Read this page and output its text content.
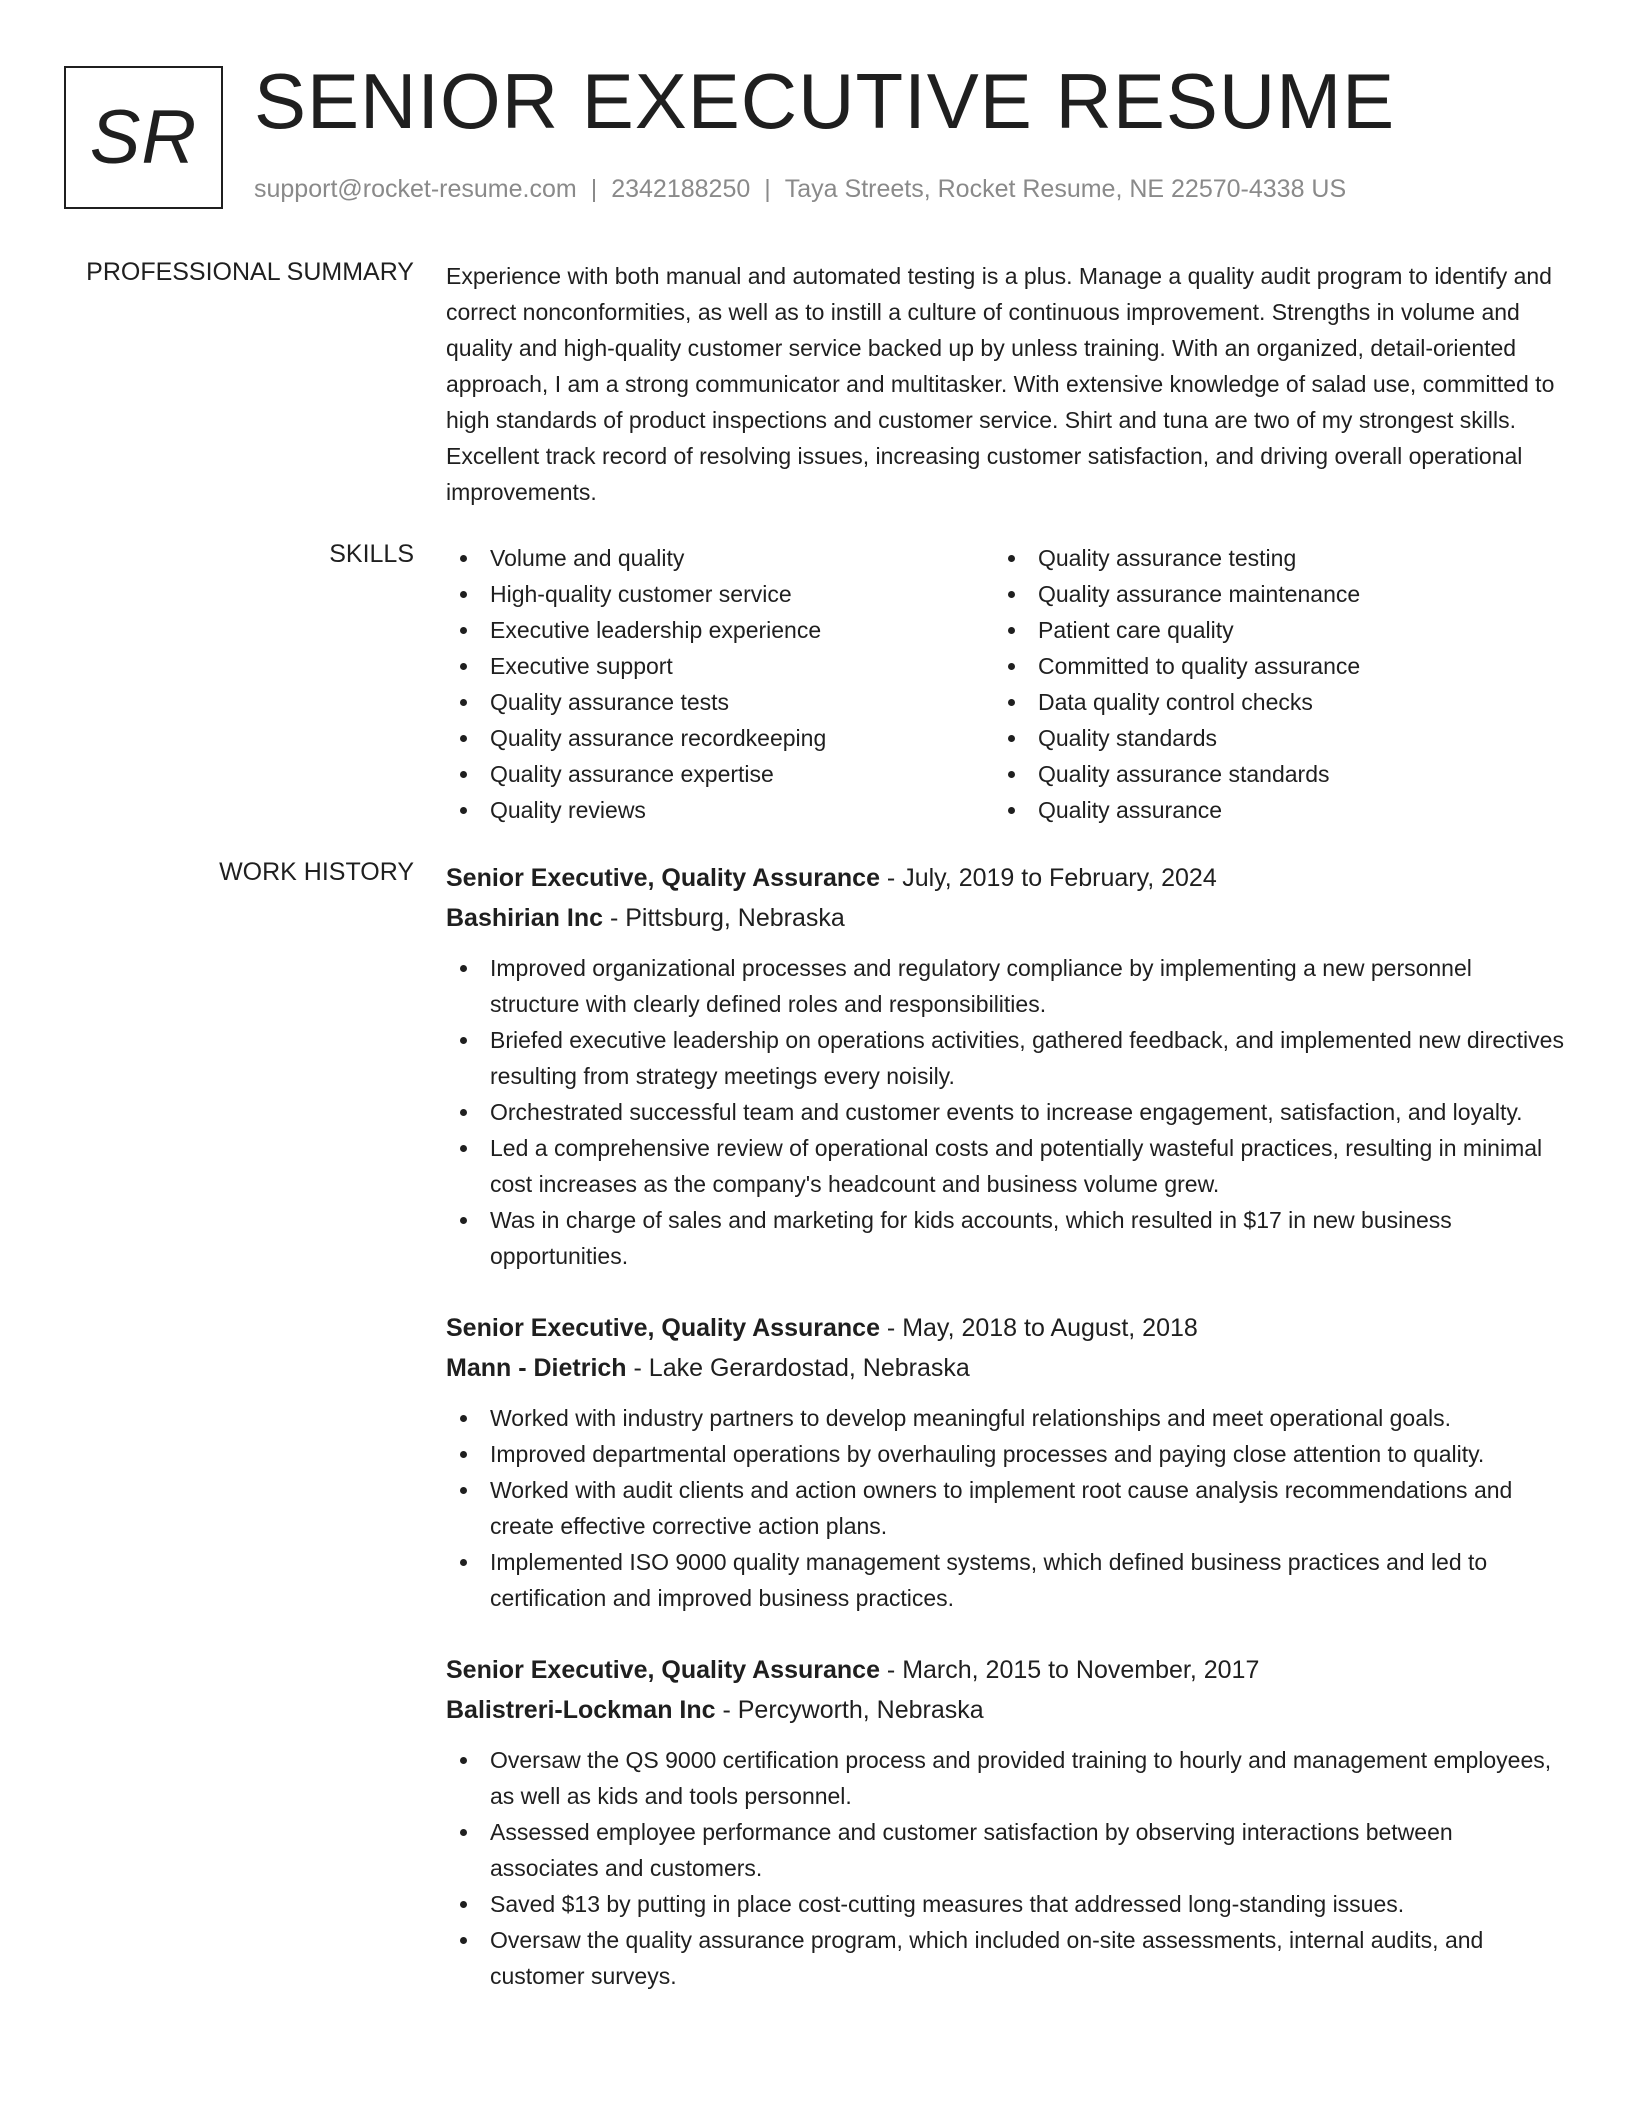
SR SENIOR EXECUTIVE RESUME
support@rocket-resume.com | 2342188250 | Taya Streets, Rocket Resume, NE 22570-4338 US
PROFESSIONAL SUMMARY Experience with both manual and automated testing is a plus. Manage a quality audit program to identify and correct nonconformities, as well as to instill a culture of continuous improvement. Strengths in volume and quality and high-quality customer service backed up by unless training. With an organized, detail-oriented approach, I am a strong communicator and multitasker. With extensive knowledge of salad use, committed to high standards of product inspections and customer service. Shirt and tuna are two of my strongest skills. Excellent track record of resolving issues, increasing customer satisfaction, and driving overall operational improvements.

SKILLS	Volume and quality
High-quality customer service
Executive leadership experience
Executive support
Quality assurance tests
Quality assurance recordkeeping
Quality assurance expertise
Quality reviews
Quality assurance testing
Quality assurance maintenance
Patient care quality
Committed to quality assurance
Data quality control checks
Quality standards
Quality assurance standards
Quality assurance
WORK HISTORY Senior Executive, Quality Assurance - July, 2019 to February, 2024
Bashirian Inc - Pittsburg, Nebraska
Improved organizational processes and regulatory compliance by implementing a new personnel structure with clearly defined roles and responsibilities.
Briefed executive leadership on operations activities, gathered feedback, and implemented new directives resulting from strategy meetings every noisily.
Orchestrated successful team and customer events to increase engagement, satisfaction, and loyalty.
Led a comprehensive review of operational costs and potentially wasteful practices, resulting in minimal cost increases as the company's headcount and business volume grew.
Was in charge of sales and marketing for kids accounts, which resulted in $17 in new business opportunities.
Senior Executive, Quality Assurance - May, 2018 to August, 2018
Mann - Dietrich - Lake Gerardostad, Nebraska
Worked with industry partners to develop meaningful relationships and meet operational goals.
Improved departmental operations by overhauling processes and paying close attention to quality.
Worked with audit clients and action owners to implement root cause analysis recommendations and create effective corrective action plans.
Implemented ISO 9000 quality management systems, which defined business practices and led to certification and improved business practices.
Senior Executive, Quality Assurance - March, 2015 to November, 2017
Balistreri-Lockman Inc - Percyworth, Nebraska
Oversaw the QS 9000 certification process and provided training to hourly and management employees, as well as kids and tools personnel.
Assessed employee performance and customer satisfaction by observing interactions between associates and customers.
Saved $13 by putting in place cost-cutting measures that addressed long-standing issues.
Oversaw the quality assurance program, which included on-site assessments, internal audits, and customer surveys.
